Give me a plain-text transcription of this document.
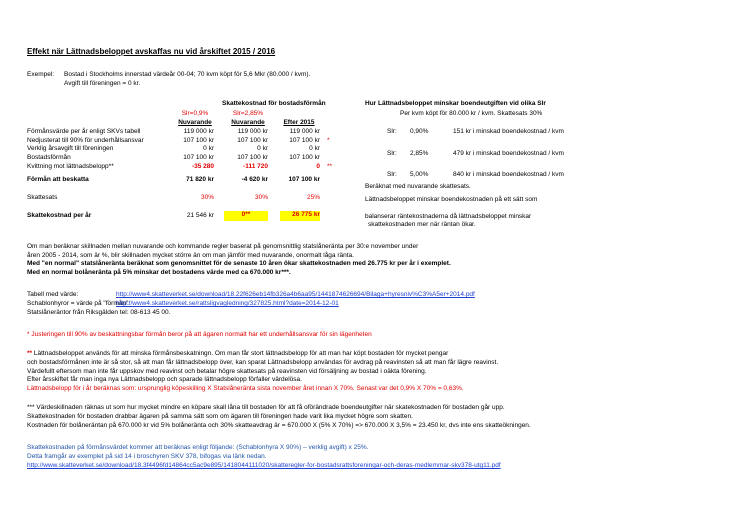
Effekt när Lättnadsbeloppet avskaffas nu vid årskiftet 2015 / 2016
Exempel: Bostad i Stockholms innerstad värdeår 00-04; 70 kvm köpt för 5,6 Mkr (80.000 / kvm).
Avgift till föreningen = 0 kr.
Skattekostnad för bostadsförmån
Slr=0,9%	Slr=2,85%
Nuvarande	Nuvarande	Efter 2015
Förmånsvärde per år enligt SKVs tabell	119 000 kr	119 000 kr	119 000 kr
Nedjusterat till 90% för underhållsansvar	107 100 kr	107 100 kr	107 100 kr *
Verklig årsavgift till föreningen	0 kr	0 kr	0 kr
Bostadsförmån	107 100 kr	107 100 kr	107 100 kr
Kvittning mot lättnadsbelopp**	-35 280	-111 720	0 **
Förmån att beskatta	71 820 kr	-4 620 kr	107 100 kr
Skattesats	30%	30%	25%
Skattekostnad per år	21 546 kr	0**	26 775 kr
Hur Lättnadsbeloppet minskar boendeutgiften vid olika Slr
Per kvm köpt för 80.000 kr / kvm. Skattesats 30%
Slr: 0,90%	151 kr i minskad boendekostnad / kvm
Slr: 2,85%	479 kr i minskad boendekostnad / kvm
Slr: 5,00%	840 kr i minskad boendekostnad / kvm
Beräknat med nuvarande skattesats.
Lättnadsbeloppet minskar boendekostnaden på ett sätt som
balanserar räntekostnaderna då lättnadsbeloppet minskar
skattekostnaden mer när räntan ökar.
Om man beräknar skillnaden mellan nuvarande och kommande regler baserat på genomsnittlig statslåneränta per 30:e november under
åren 2005 - 2014, som är %, blir skillnaden mycket större än om man jämför med nuvarande, onormalt låga ränta.
Med "en normal" statslåneränta beräknat som genomsnittet för de senaste 10 åren ökar skattekostnaden med 26.775 kr per år i exemplet.
Med en normal bolåneränta på 5% minskar det bostadens värde med ca 670.000 kr***.
Tabell med värde:	http://www4.skatteverket.se/download/18.22f626eb14fb326a4b6aa95/1441874626694/Bilaga+hyresniv%C3%A5er+2014.pdf
Schablonhyror = värde på "förmån":
http://www4.skatteverket.se/rattsligvagledning/327825.html?date=2014-12-01
Statslåneräntor från Riksgälden tel: 08-613 45 00.
* Justeringen till 90% av beskattningsbar förmån beror på att ägaren normalt har ett underhållsansvar för sin lägenheten
** Lättnadsbeloppet används för att minska förmånsbeskatningn. Om man får stort lättnadsbelopp för att man har köpt bostaden för mycket pengar
och bostadsförmånen inte är så stor, så att man får lättnadsbelopp över, kan sparat Lättnadsbelopp användas för avdrag på reavinsten så att man får lägre reavinst.
Värdefullt eftersom man inte får uppskov med reavinst och betalar högre skattesats på reavinsten vid försäljning av bostad i oäkta förening.
Efter årsskiftet får man inga nya Lättnadsbelopp och sparade lättnadsbelopp förfaller värdelösa.
Lättnadsbelopp för i år beräknas som: ursprunglig köpeskilling X Statslåneränta sista november året innan X 70%. Senast var det 0,9% X 70% = 0,63%.
*** Värdeskillnaden räknas ut som hur mycket mindre en köpare skall låna till bostaden för att få oförändrade boendeutgifter när skatekostnaden för bostaden går upp.
Skattekostnaden för bostaden drabbar ägaren på samma sätt som om ägaren till föreningen hade varit lika mycket högre som skatten.
Kostnaden för bolåneräntan på 670.000 kr vid 5% bolåneränta och 30% skatteavdrag är = 670.000 X (5% X 70%) => 670.000 X 3,5% = 23.450 kr, dvs inte ens skatteökningen.
Skattekostnaden på förmånsvärdet kommer att beräknas enligt följande: (Schablonhyra X 90%) – verklig avgift) x 25%.
Detta framgår av exemplet på sid 14 i broschyren SKV 378, bifogas via länk nedan.
http://www.skatteverket.se/download/18.3f4496fd14864cc5ac9e895/1418044111020/skatteregler-for-bostadsrattsforeningar-och-deras-medlemmar-skv378-utg11.pdf
